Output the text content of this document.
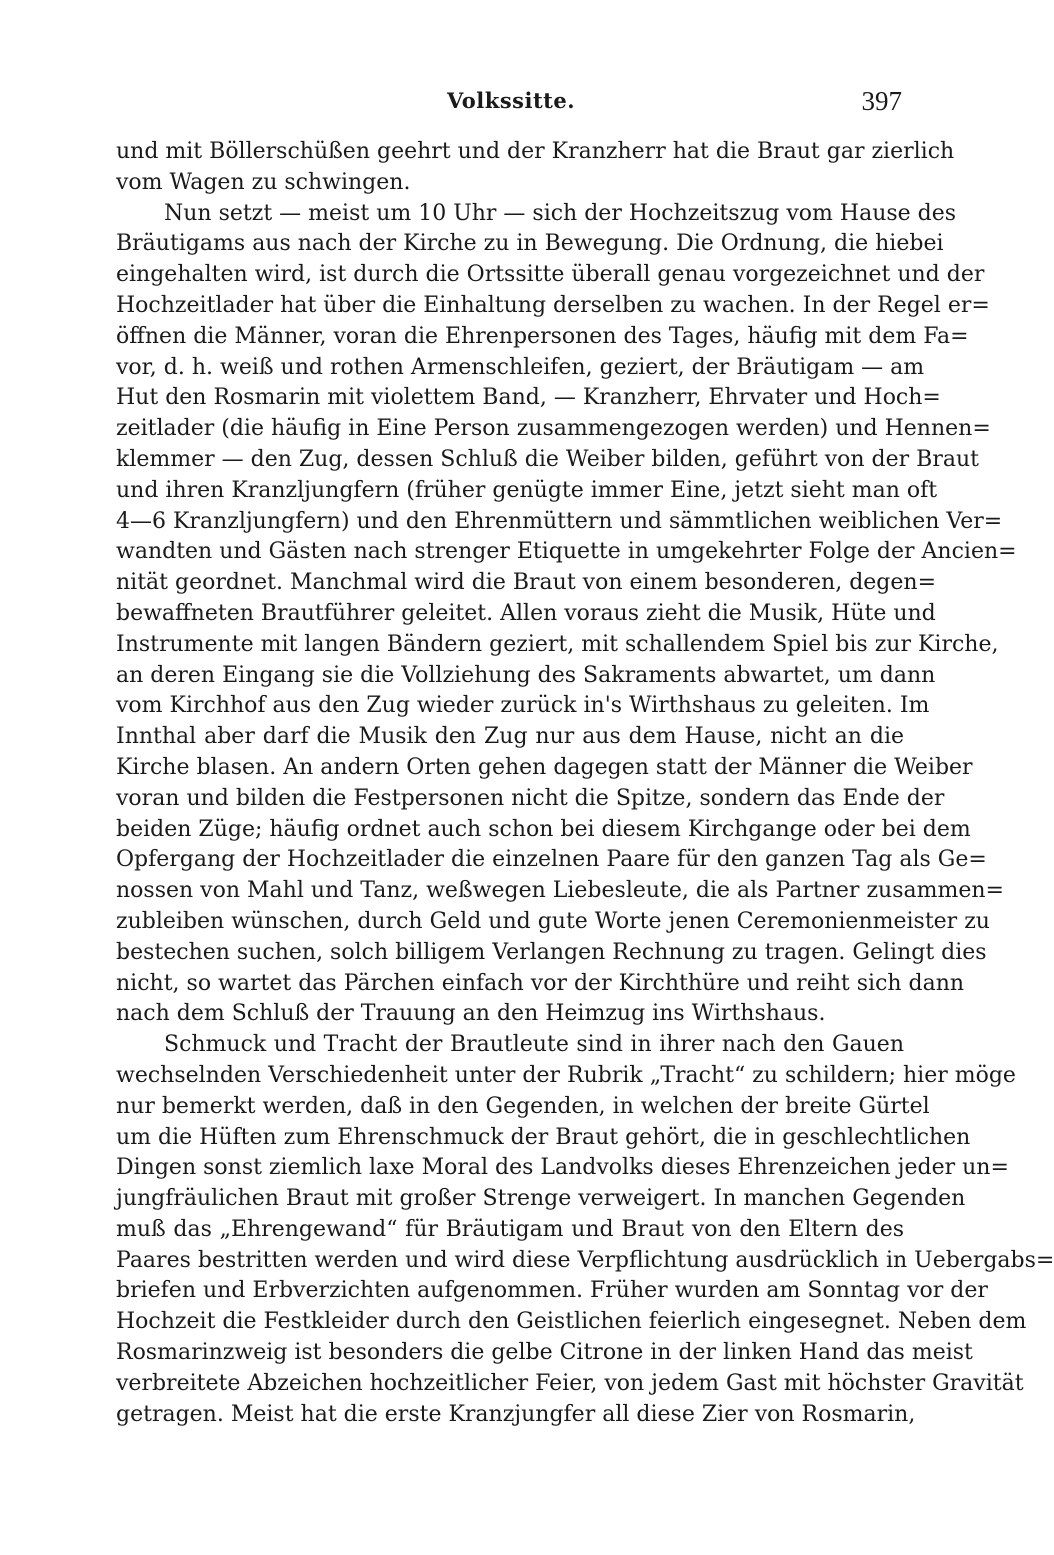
Volkssitte.	397
und mit Böllerschüßen geehrt und der Kranzherr hat die Braut gar zierlich
vom Wagen zu schwingen.
Nun setzt — meist um 10 Uhr — sich der Hochzeitszug vom Hause des
Bräutigams aus nach der Kirche zu in Bewegung. Die Ordnung, die hiebei
eingehalten wird, ist durch die Ortssitte überall genau vorgezeichnet und der
Hochzeitlader hat über die Einhaltung derselben zu wachen. In der Regel er=
öffnen die Männer, voran die Ehrenpersonen des Tages, häufig mit dem Fa=
vor, d. h. weiß und rothen Armenschleifen, geziert, der Bräutigam — am
Hut den Rosmarin mit violettem Band, — Kranzherr, Ehrvater und Hoch=
zeitlader (die häufig in Eine Person zusammengezogen werden) und Hennen=
klemmer — den Zug, dessen Schluß die Weiber bilden, geführt von der Braut
und ihren Kranzljungfern (früher genügte immer Eine, jetzt sieht man oft
4—6 Kranzljungfern) und den Ehrenmüttern und sämmtlichen weiblichen Ver=
wandten und Gästen nach strenger Etiquette in umgekehrter Folge der Ancien=
nität geordnet. Manchmal wird die Braut von einem besonderen, degen=
bewaffneten Brautführer geleitet. Allen voraus zieht die Musik, Hüte und
Instrumente mit langen Bändern geziert, mit schallendem Spiel bis zur Kirche,
an deren Eingang sie die Vollziehung des Sakraments abwartet, um dann
vom Kirchhof aus den Zug wieder zurück in's Wirthshaus zu geleiten. Im
Innthal aber darf die Musik den Zug nur aus dem Hause, nicht an die
Kirche blasen. An andern Orten gehen dagegen statt der Männer die Weiber
voran und bilden die Festpersonen nicht die Spitze, sondern das Ende der
beiden Züge; häufig ordnet auch schon bei diesem Kirchgange oder bei dem
Opfergang der Hochzeitlader die einzelnen Paare für den ganzen Tag als Ge=
nossen von Mahl und Tanz, weßwegen Liebesleute, die als Partner zusammen=
zubleiben wünschen, durch Geld und gute Worte jenen Ceremonienmeister zu
bestechen suchen, solch billigem Verlangen Rechnung zu tragen. Gelingt dies
nicht, so wartet das Pärchen einfach vor der Kirchthüre und reiht sich dann
nach dem Schluß der Trauung an den Heimzug ins Wirthshaus.
Schmuck und Tracht der Brautleute sind in ihrer nach den Gauen
wechselnden Verschiedenheit unter der Rubrik „Tracht“ zu schildern; hier möge
nur bemerkt werden, daß in den Gegenden, in welchen der breite Gürtel
um die Hüften zum Ehrenschmuck der Braut gehört, die in geschlechtlichen
Dingen sonst ziemlich laxe Moral des Landvolks dieses Ehrenzeichen jeder un=
jungfräulichen Braut mit großer Strenge verweigert. In manchen Gegenden
muß das „Ehrengewand“ für Bräutigam und Braut von den Eltern des
Paares bestritten werden und wird diese Verpflichtung ausdrücklich in Uebergabs=
briefen und Erbverzichten aufgenommen. Früher wurden am Sonntag vor der
Hochzeit die Festkleider durch den Geistlichen feierlich eingesegnet. Neben dem
Rosmarinzweig ist besonders die gelbe Citrone in der linken Hand das meist
verbreitete Abzeichen hochzeitlicher Feier, von jedem Gast mit höchster Gravität
getragen. Meist hat die erste Kranzjungfer all diese Zier von Rosmarin,
